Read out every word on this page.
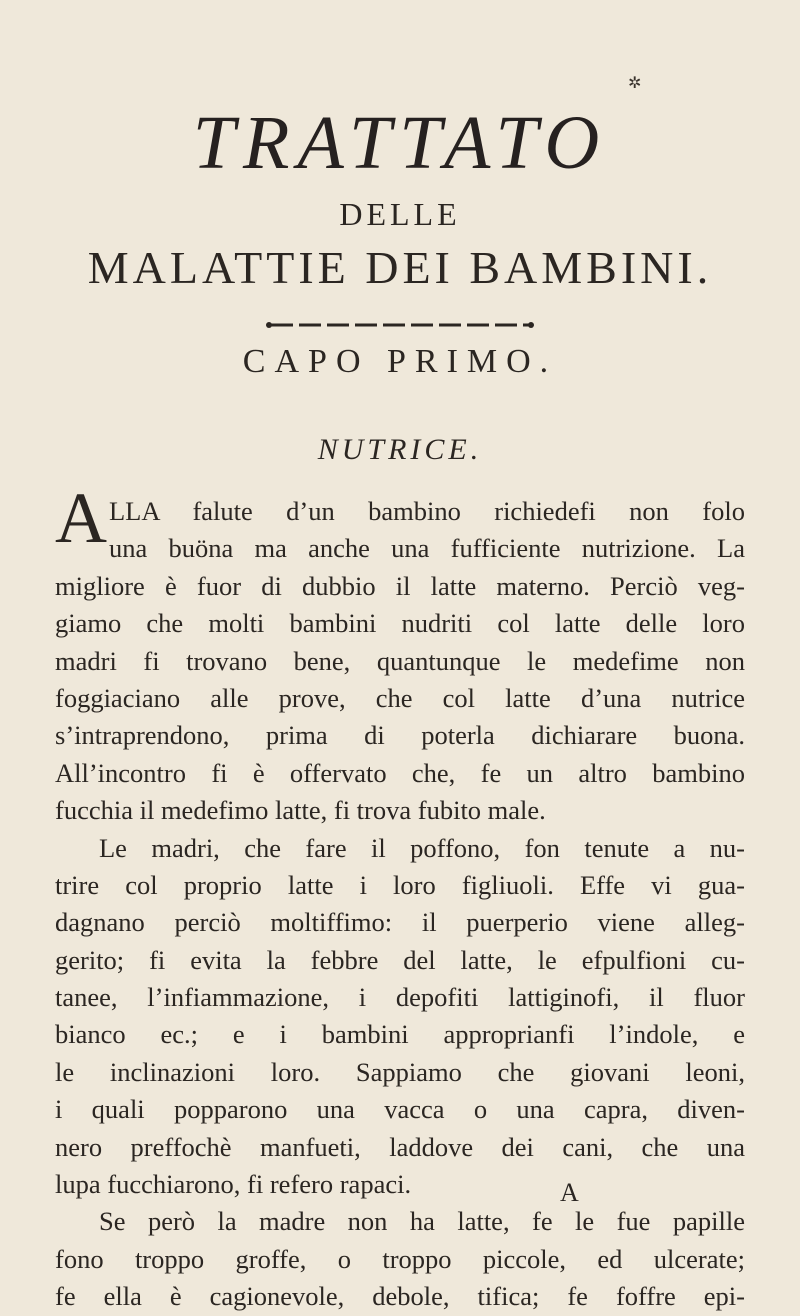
✲
TRATTATO
DELLE
MALATTIE DEI BAMBINI.
CAPO PRIMO.
NUTRICE.
ALLA falute d’un bambino richiedefi non folo
una buöna ma anche una fufficiente nutrizione. La
migliore è fuor di dubbio il latte materno. Perciò veg-
giamo che molti bambini nudriti col latte delle loro
madri fi trovano bene, quantunque le medefime non
foggiaciano alle prove, che col latte d’una nutrice
s’intraprendono, prima di poterla dichiarare buona.
All’incontro fi è offervato che, fe un altro bambino
fucchia il medefimo latte, fi trova fubito male.
Le madri, che fare il poffono, fon tenute a nu-
trire col proprio latte i loro figliuoli. Effe vi gua-
dagnano perciò moltiffimo: il puerperio viene alleg-
gerito; fi evita la febbre del latte, le efpulfioni cu-
tanee, l’infiammazione, i depofiti lattiginofi, il fluor
bianco ec.; e i bambini approprianfi l’indole, e
le inclinazioni loro. Sappiamo che giovani leoni,
i quali popparono una vacca o una capra, diven-
nero preffochè manfueti, laddove dei cani, che una
lupa fucchiarono, fi refero rapaci.
Se però la madre non ha latte, fe le fue papille
fono troppo groffe, o troppo piccole, ed ulcerate;
fe ella è cagionevole, debole, tifica; fe foffre epi-
A
